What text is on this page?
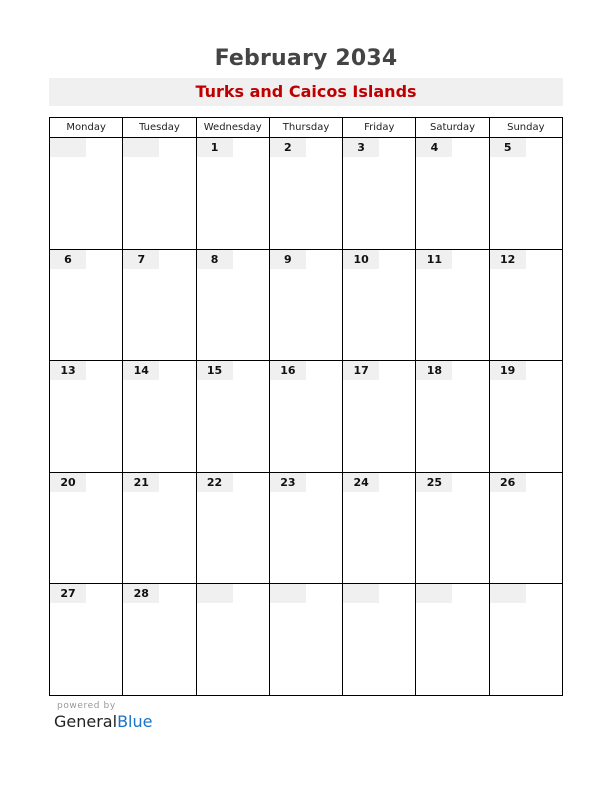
February 2034
Turks and Caicos Islands
Monday	Tuesday	Wednesday	Thursday	Friday	Saturday	Sunday

		1	2	3	4	5

6	7	8	9	10	11	12

13	14	15	16	17	18	19

20	21	22	23	24	25	26

27	28					

powered by
GeneralBlue
